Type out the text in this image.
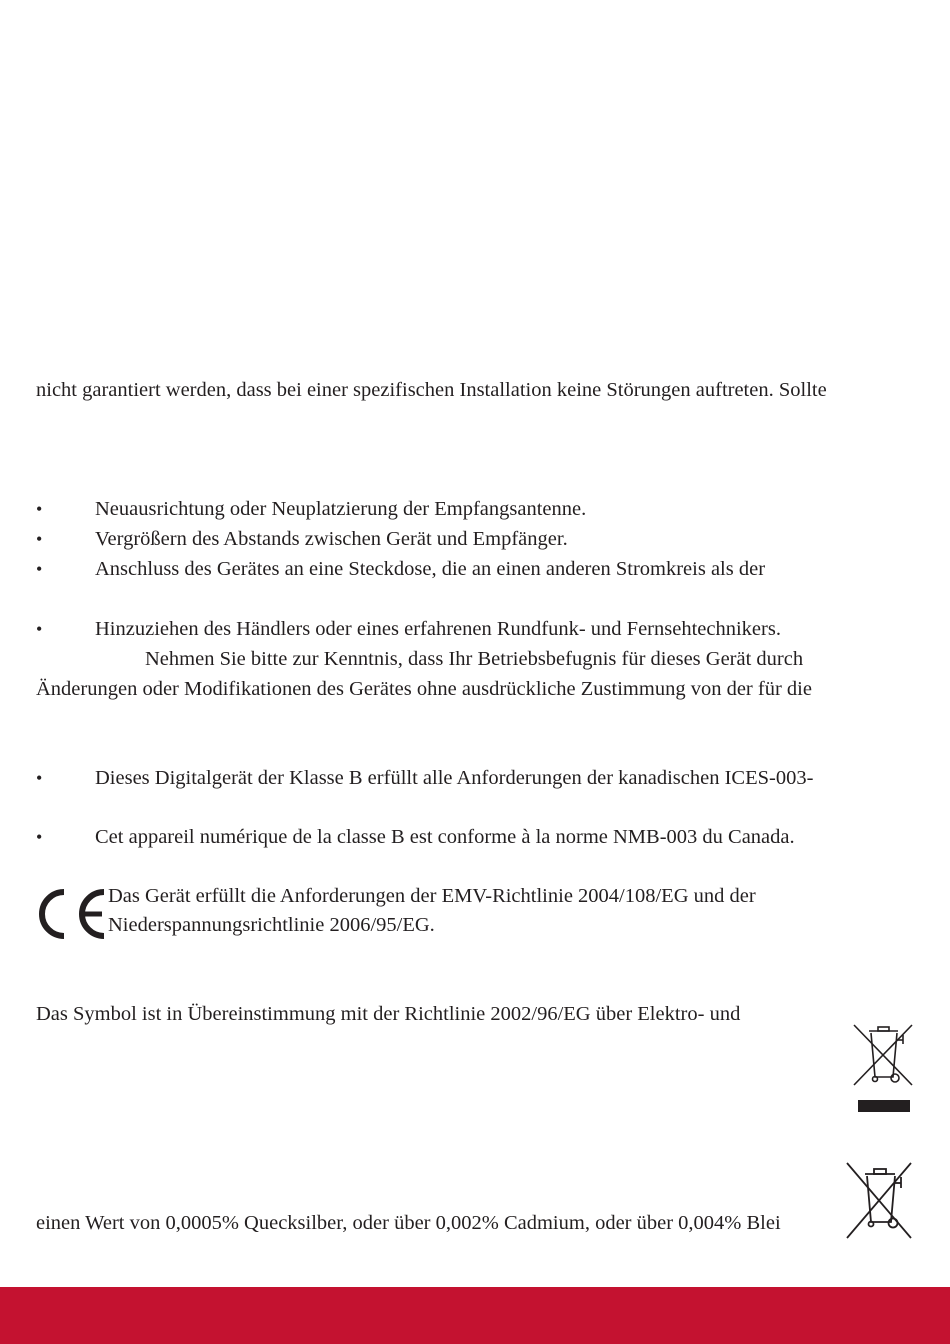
nicht garantiert werden, dass bei einer spezifischen Installation keine Störungen auftreten. Sollte
•	Neuausrichtung oder Neuplatzierung der Empfangsantenne.
•	Vergrößern des Abstands zwischen Gerät und Empfänger.
•	Anschluss des Gerätes an eine Steckdose, die an einen anderen Stromkreis als der
•	Hinzuziehen des Händlers oder eines erfahrenen Rundfunk- und Fernsehtechnikers.
Nehmen Sie bitte zur Kenntnis, dass Ihr Betriebsbefugnis für dieses Gerät durch
Änderungen oder Modifikationen des Gerätes ohne ausdrückliche Zustimmung von der für die
•	Dieses Digitalgerät der Klasse B erfüllt alle Anforderungen der kanadischen ICES-003-
•	Cet appareil numérique de la classe B est conforme à la norme NMB-003 du Canada.
Das Gerät erfüllt die Anforderungen der EMV-Richtlinie 2004/108/EG und der
Niederspannungsrichtlinie 2006/95/EG.
Das Symbol ist in Übereinstimmung mit der Richtlinie 2002/96/EG über Elektro- und
einen Wert von 0,0005% Quecksilber, oder über 0,002% Cadmium, oder über 0,004% Blei
